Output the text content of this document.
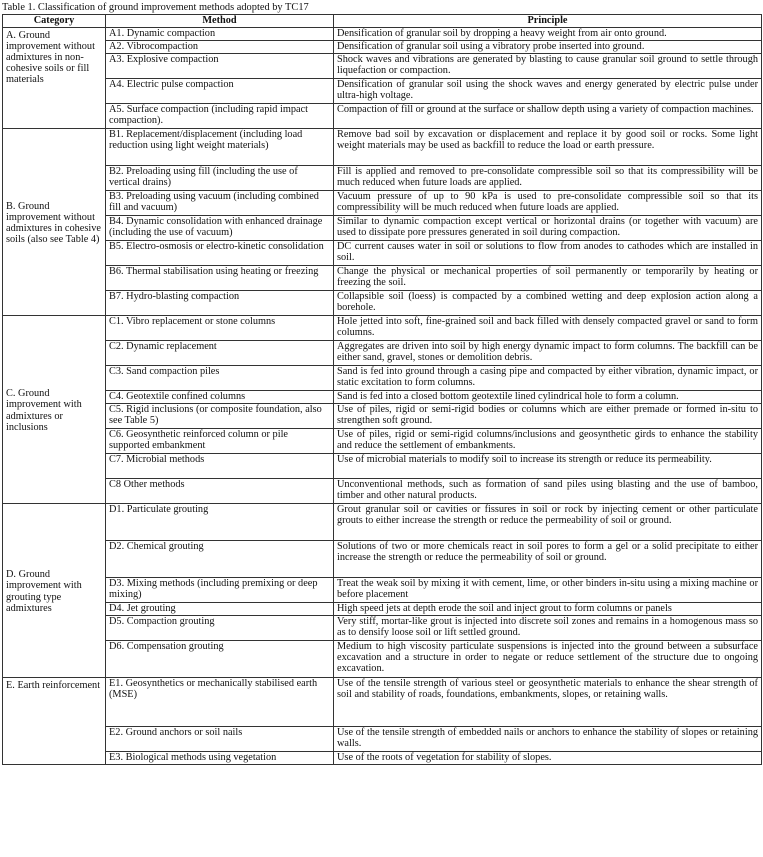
Table 1. Classification of ground improvement methods adopted by TC17
Category	Method	Principle
A. Ground improvement without admixtures in non-cohesive soils or fill materials	A1. Dynamic compaction	Densification of granular soil by dropping a heavy weight from air onto ground.
	A2. Vibrocompaction	Densification of granular soil using a vibratory probe inserted into ground.
	A3. Explosive compaction	Shock waves and vibrations are generated by blasting to cause granular soil ground to settle through liquefaction or compaction.
	A4. Electric pulse compaction	Densification of granular soil using the shock waves and energy generated by electric pulse under ultra-high voltage.
	A5. Surface compaction (including rapid impact compaction).	Compaction of fill or ground at the surface or shallow depth using a variety of compaction machines.
B. Ground improvement without admixtures in cohesive soils (also see Table 4)	B1. Replacement/displacement (including load reduction using light weight materials)	Remove bad soil by excavation or displacement and replace it by good soil or rocks. Some light weight materials may be used as backfill to reduce the load or earth pressure.
	B2. Preloading using fill (including the use of vertical drains)	Fill is applied and removed to pre-consolidate compressible soil so that its compressibility will be much reduced when future loads are applied.
	B3. Preloading using vacuum (including combined fill and vacuum)	Vacuum pressure of up to 90 kPa is used to pre-consolidate compressible soil so that its compressibility will be much reduced when future loads are applied.
	B4. Dynamic consolidation with enhanced drainage (including the use of vacuum)	Similar to dynamic compaction except vertical or horizontal drains (or together with vacuum) are used to dissipate pore pressures generated in soil during compaction.
	B5. Electro-osmosis or electro-kinetic consolidation	DC current causes water in soil or solutions to flow from anodes to cathodes which are installed in soil.
	B6. Thermal stabilisation using heating or freezing	Change the physical or mechanical properties of soil permanently or temporarily by heating or freezing the soil.
	B7. Hydro-blasting compaction	Collapsible soil (loess) is compacted by a combined wetting and deep explosion action along a borehole.
C. Ground improvement with admixtures or inclusions	C1. Vibro replacement or stone columns	Hole jetted into soft, fine-grained soil and back filled with densely compacted gravel or sand to form columns.
	C2. Dynamic replacement	Aggregates are driven into soil by high energy dynamic impact to form columns. The backfill can be either sand, gravel, stones or demolition debris.
	C3. Sand compaction piles	Sand is fed into ground through a casing pipe and compacted by either vibration, dynamic impact, or static excitation to form columns.
	C4. Geotextile confined columns	Sand is fed into a closed bottom geotextile lined cylindrical hole to form a column.
	C5. Rigid inclusions (or composite foundation, also see Table 5)	Use of piles, rigid or semi-rigid bodies or columns which are either premade or formed in-situ to strengthen soft ground.
	C6. Geosynthetic reinforced column or pile supported embankment	Use of piles, rigid or semi-rigid columns/inclusions and geosynthetic girds to enhance the stability and reduce the settlement of embankments.
	C7. Microbial methods	Use of microbial materials to modify soil to increase its strength or reduce its permeability.
	C8 Other methods	Unconventional methods, such as formation of sand piles using blasting and the use of bamboo, timber and other natural products.
D. Ground improvement with grouting type admixtures	D1. Particulate grouting	Grout granular soil or cavities or fissures in soil or rock by injecting cement or other particulate grouts to either increase the strength or reduce the permeability of soil or ground.
	D2. Chemical grouting	Solutions of two or more chemicals react in soil pores to form a gel or a solid precipitate to either increase the strength or reduce the permeability of soil or ground.
	D3. Mixing methods (including premixing or deep mixing)	Treat the weak soil by mixing it with cement, lime, or other binders in-situ using a mixing machine or before placement
	D4. Jet grouting	High speed jets at depth erode the soil and inject grout to form columns or panels
	D5. Compaction grouting	Very stiff, mortar-like grout is injected into discrete soil zones and remains in a homogenous mass so as to densify loose soil or lift settled ground.
	D6. Compensation grouting	Medium to high viscosity particulate suspensions is injected into the ground between a subsurface excavation and a structure in order to negate or reduce settlement of the structure due to ongoing excavation.
E. Earth reinforcement	E1. Geosynthetics or mechanically stabilised earth (MSE)	Use of the tensile strength of various steel or geosynthetic materials to enhance the shear strength of soil and stability of roads, foundations, embankments, slopes, or retaining walls.
	E2. Ground anchors or soil nails	Use of the tensile strength of embedded nails or anchors to enhance the stability of slopes or retaining walls.
	E3. Biological methods using vegetation	Use of the roots of vegetation for stability of slopes.
